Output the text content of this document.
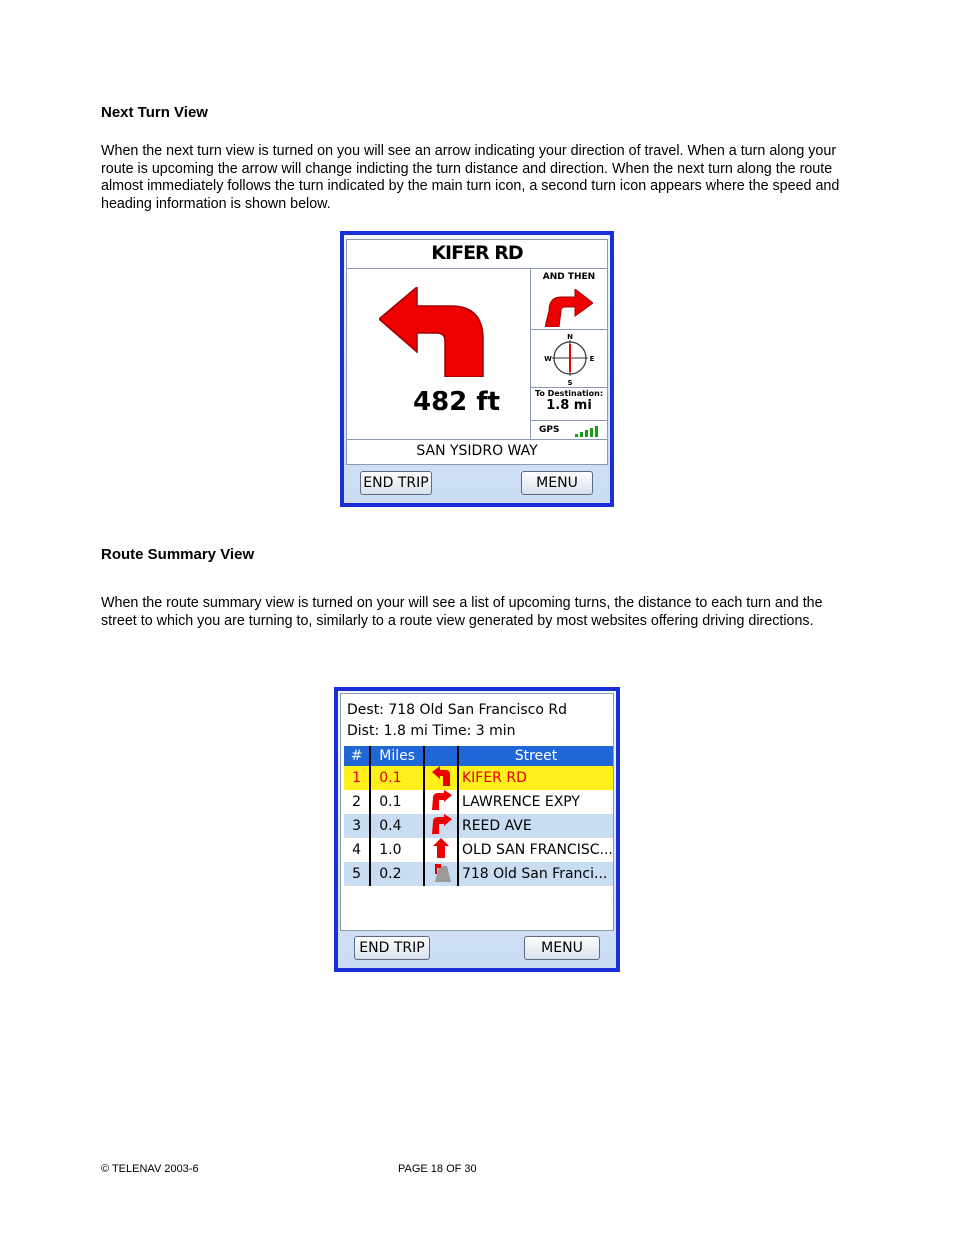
Next Turn View

When the next turn view is turned on you will see an arrow indicating your direction of travel. When a turn along your route is upcoming the arrow will change indicting the turn distance and direction. When the next turn along the route almost immediately follows the turn indicated by the main turn icon, a second turn icon appears where the speed and heading information is shown below.

KIFER RD
482 ft
AND THEN
N
S
W	E
To Destination:
1.8 mi
GPS
SAN YSIDRO WAY
END TRIP	MENU
Route Summary View

When the route summary view is turned on your will see a list of upcoming turns, the distance to each turn and the street to which you are turning to, similarly to a route view generated by most websites offering driving directions.

Dest: 718 Old San Francisco Rd
Dist: 1.8 mi Time: 3 min
#	Miles		Street
1	0.1		KIFER RD
2	0.1		LAWRENCE EXPY
3	0.4		REED AVE
4	1.0		OLD SAN FRANCISC...
5	0.2		718 Old San Franci...
END TRIP	MENU
© TELENAV 2003-6	PAGE 18 OF 30
